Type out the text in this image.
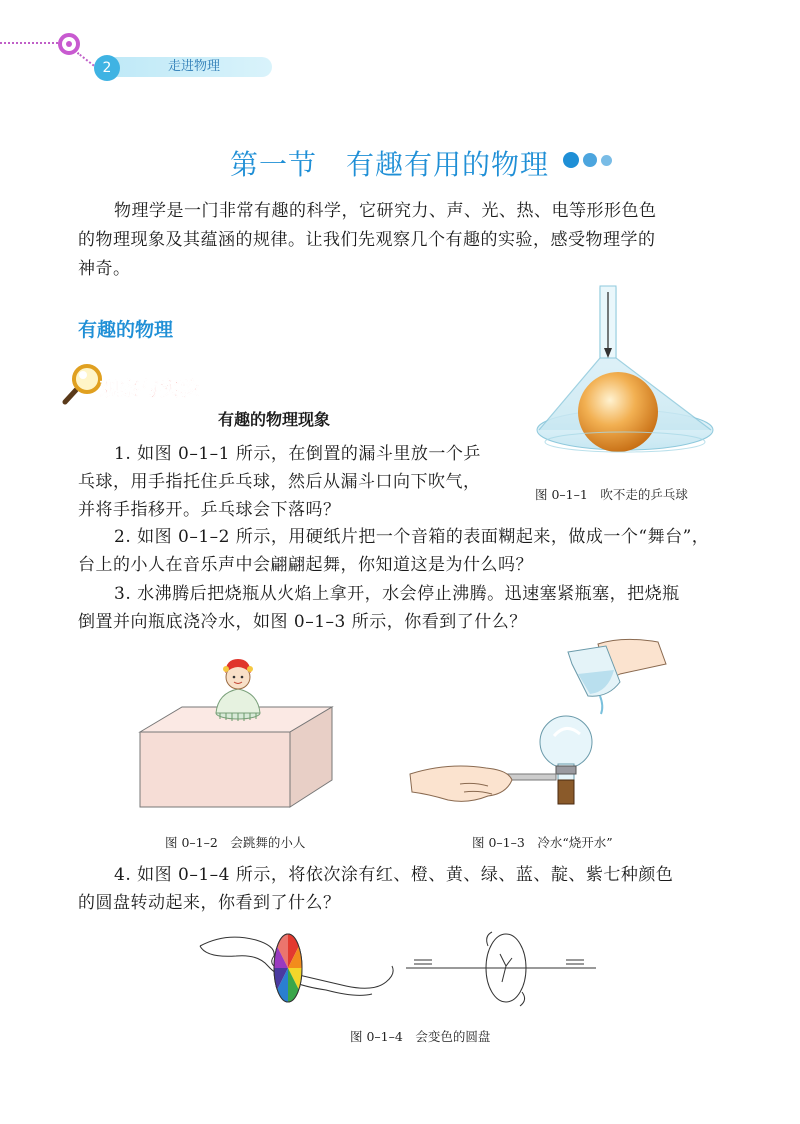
2	走进物理
第一节　有趣有用的物理
物理学是一门非常有趣的科学，它研究力、声、光、热、电等形形色色
的物理现象及其蕴涵的规律。让我们先观察几个有趣的实验，感受物理学的
神奇。
有趣的物理
观察与实验
有趣的物理现象
1. 如图 0–1–1 所示，在倒置的漏斗里放一个乒
乓球，用手指托住乒乓球，然后从漏斗口向下吹气，
并将手指移开。乒乓球会下落吗？
图 0–1–1　吹不走的乒乓球
2. 如图 0–1–2 所示，用硬纸片把一个音箱的表面糊起来，做成一个“舞台”，
台上的小人在音乐声中会翩翩起舞，你知道这是为什么吗？
3. 水沸腾后把烧瓶从火焰上拿开，水会停止沸腾。迅速塞紧瓶塞，把烧瓶
倒置并向瓶底浇冷水，如图 0–1–3 所示，你看到了什么？
图 0–1–2　会跳舞的小人	图 0–1–3　冷水“烧开水”
4. 如图 0–1–4 所示，将依次涂有红、橙、黄、绿、蓝、靛、紫七种颜色
的圆盘转动起来，你看到了什么？
图 0–1–4　会变色的圆盘
